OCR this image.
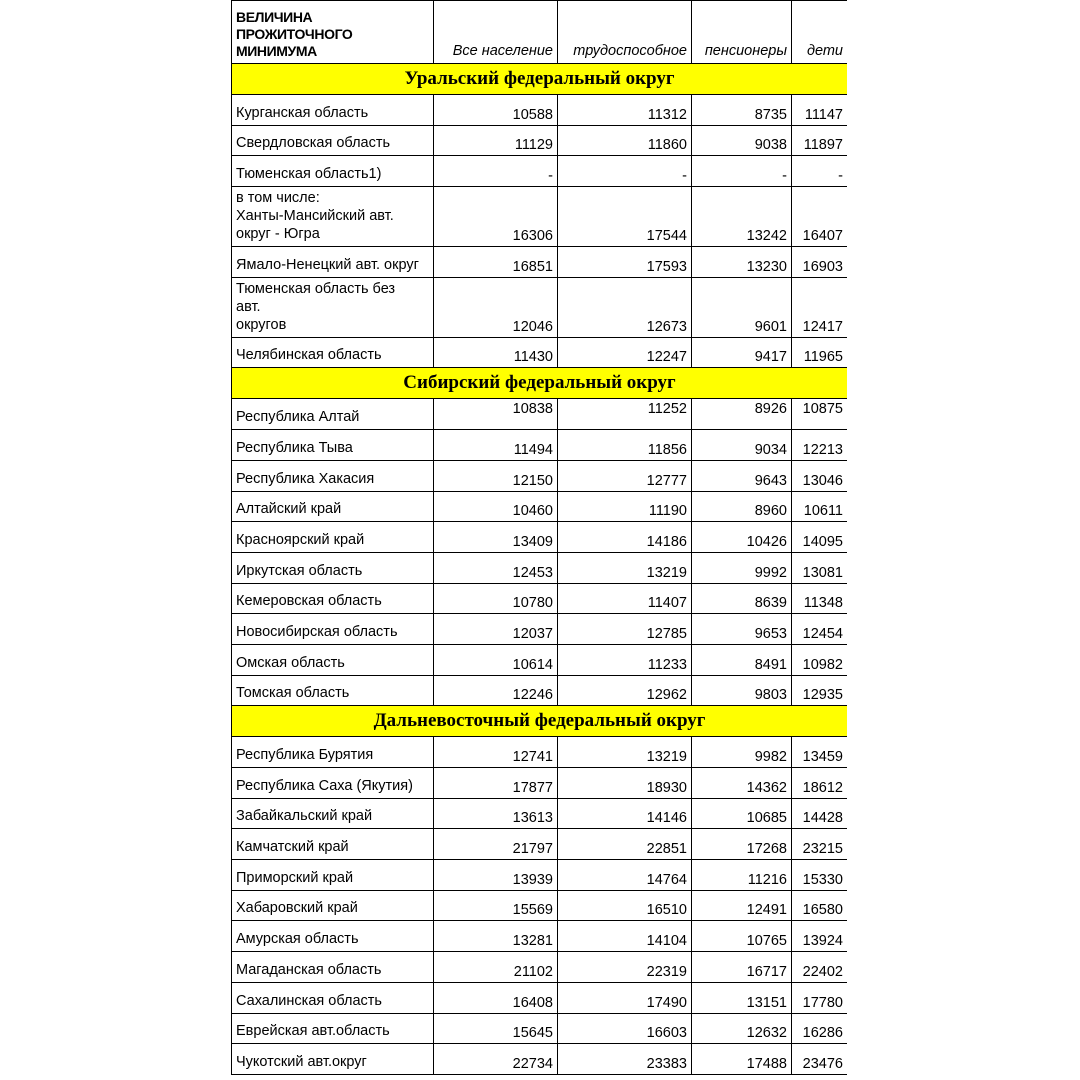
ВЕЛИЧИНА ПРОЖИТОЧНОГО МИНИМУМА	Все население	трудоспособное	пенсионеры	дети
Уральский федеральный округ				
Курганская область	10588	11312	8735	11147
Свердловская область	11129	11860	9038	11897
Тюменская область1)	-	-	-	-
в том числе:
Ханты-Мансийский авт.
округ - Югра	16306	17544	13242	16407
Ямало-Ненецкий авт. округ	16851	17593	13230	16903
Тюменская область без
авт.
округов	12046	12673	9601	12417
Челябинская область	11430	12247	9417	11965
Сибирский федеральный округ				
Республика Алтай	10838	11252	8926	10875
Республика Тыва	11494	11856	9034	12213
Республика Хакасия	12150	12777	9643	13046
Алтайский край	10460	11190	8960	10611
Красноярский край	13409	14186	10426	14095
Иркутская область	12453	13219	9992	13081
Кемеровская область	10780	11407	8639	11348
Новосибирская область	12037	12785	9653	12454
Омская область	10614	11233	8491	10982
Томская область	12246	12962	9803	12935
Дальневосточный федеральный округ				
Республика Бурятия	12741	13219	9982	13459
Республика Саха (Якутия)	17877	18930	14362	18612
Забайкальский край	13613	14146	10685	14428
Камчатский край	21797	22851	17268	23215
Приморский край	13939	14764	11216	15330
Хабаровский край	15569	16510	12491	16580
Амурская область	13281	14104	10765	13924
Магаданская область	21102	22319	16717	22402
Сахалинская область	16408	17490	13151	17780
Еврейская авт.область	15645	16603	12632	16286
Чукотский авт.округ	22734	23383	17488	23476
